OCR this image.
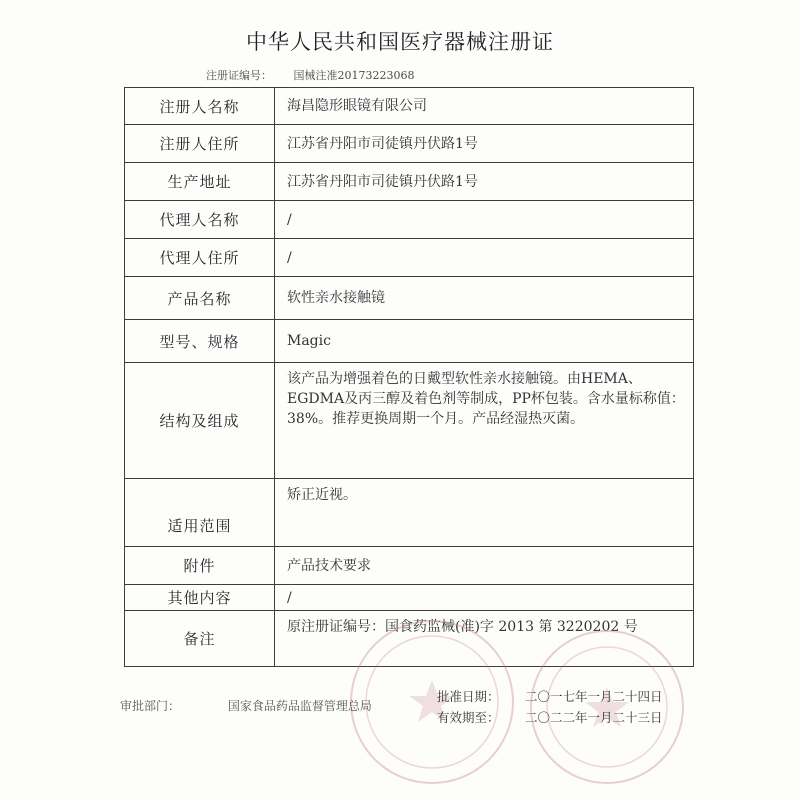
中华人民共和国医疗器械注册证
注册证编号： 国械注准20173223068
注册人名称	海昌隐形眼镜有限公司
注册人住所	江苏省丹阳市司徒镇丹伏路1号
生产地址	江苏省丹阳市司徒镇丹伏路1号
代理人名称	/
代理人住所	/
产品名称	软性亲水接触镜
型号、规格	Magic
结构及组成	该产品为增强着色的日戴型软性亲水接触镜。由HEMA、EGDMA及丙三醇及着色剂等制成，PP杯包装。含水量标称值：38%。推荐更换周期一个月。产品经湿热灭菌。
适用范围	矫正近视。
附件	产品技术要求
其他内容	/
备注	原注册证编号：国食药监械(准)字 2013 第 3220202 号
审批部门：	国家食品药品监督管理总局
批准日期： 二〇一七年一月二十四日
有效期至： 二〇二二年一月二十三日
